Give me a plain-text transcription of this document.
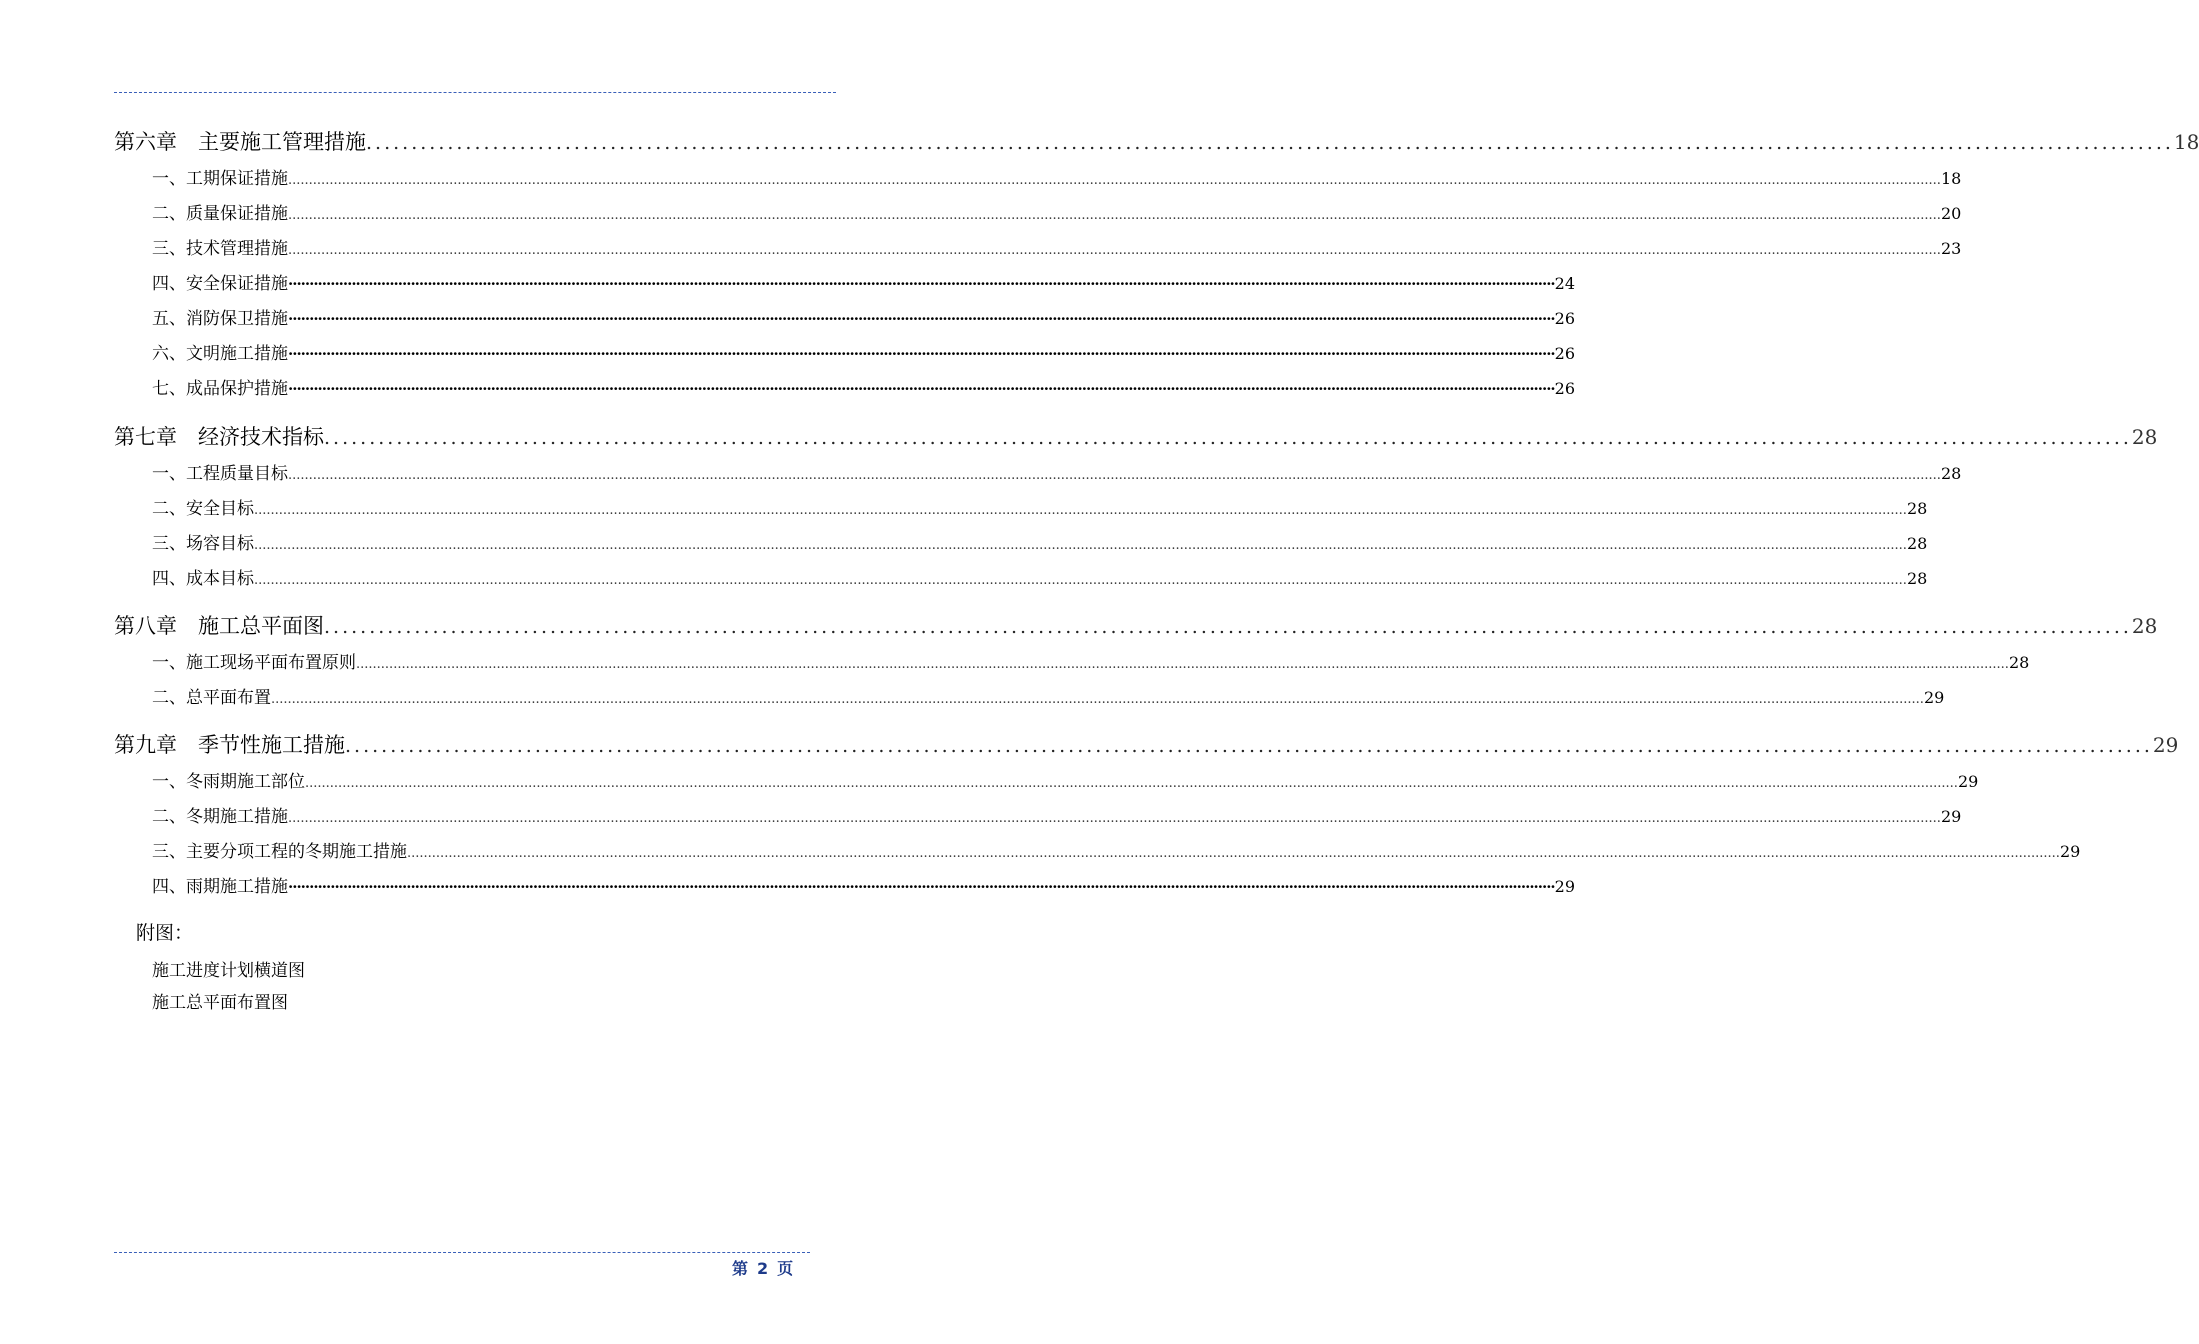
第六章　主要施工管理措施 ........................................................................................................................................................................................................ 18
一、工期保证措施 ................................................................................................................................................................................................................................................................................................................................................................................................................ 18
二、质量保证措施 ................................................................................................................................................................................................................................................................................................................................................................................................................ 20
三、技术管理措施 ................................................................................................................................................................................................................................................................................................................................................................................................................ 23
四、安全保证措施 ············································································································································································································································································································ 24
五、消防保卫措施 ············································································································································································································································································································ 26
六、文明施工措施 ············································································································································································································································································································ 26
七、成品保护措施 ············································································································································································································································································································ 26
第七章　经济技术指标 ........................................................................................................................................................................................................ 28
一、工程质量目标 ................................................................................................................................................................................................................................................................................................................................................................................................................ 28
二、安全目标 ................................................................................................................................................................................................................................................................................................................................................................................................................ 28
三、场容目标 ................................................................................................................................................................................................................................................................................................................................................................................................................ 28
四、成本目标 ................................................................................................................................................................................................................................................................................................................................................................................................................ 28
第八章　施工总平面图 ........................................................................................................................................................................................................ 28
一、施工现场平面布置原则 ................................................................................................................................................................................................................................................................................................................................................................................................................ 28
二、总平面布置 ................................................................................................................................................................................................................................................................................................................................................................................................................ 29
第九章　季节性施工措施 ........................................................................................................................................................................................................ 29
一、冬雨期施工部位 ................................................................................................................................................................................................................................................................................................................................................................................................................ 29
二、冬期施工措施 ................................................................................................................................................................................................................................................................................................................................................................................................................ 29
三、主要分项工程的冬期施工措施 ................................................................................................................................................................................................................................................................................................................................................................................................................ 29
四、雨期施工措施 ············································································································································································································································································································ 29
附图：
施工进度计划横道图
施工总平面布置图
第 2 页
